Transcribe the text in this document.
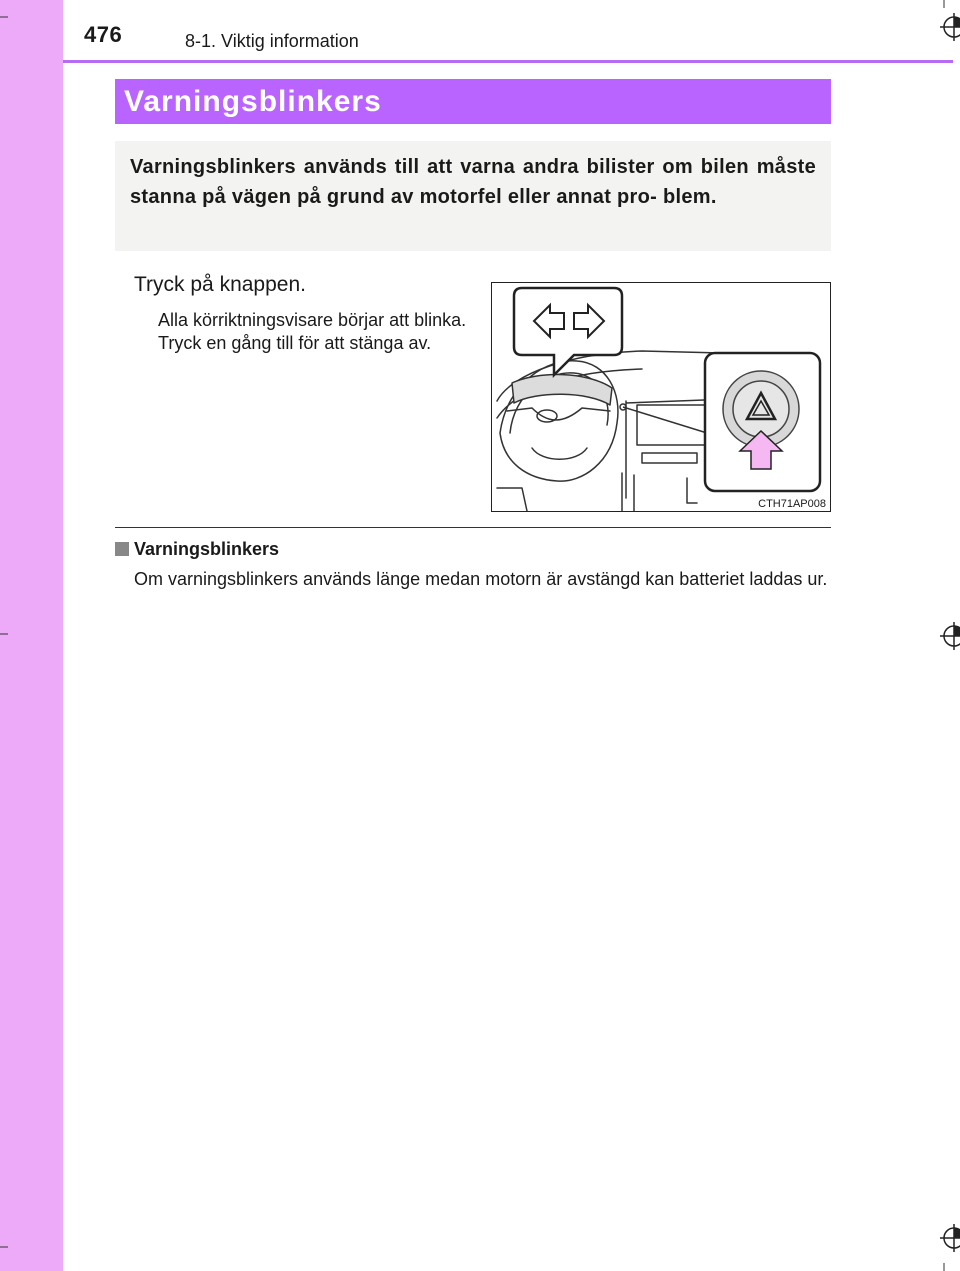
476	8-1. Viktig information
Varningsblinkers

Varningsblinkers används till att varna andra bilister om bilen måste stanna på vägen på grund av motorfel eller annat pro- blem.

Tryck på knappen.
Alla körriktningsvisare börjar att blinka.
Tryck en gång till för att stänga av.
CTH71AP008
Varningsblinkers

Om varningsblinkers används länge medan motorn är avstängd kan batteriet laddas ur.
